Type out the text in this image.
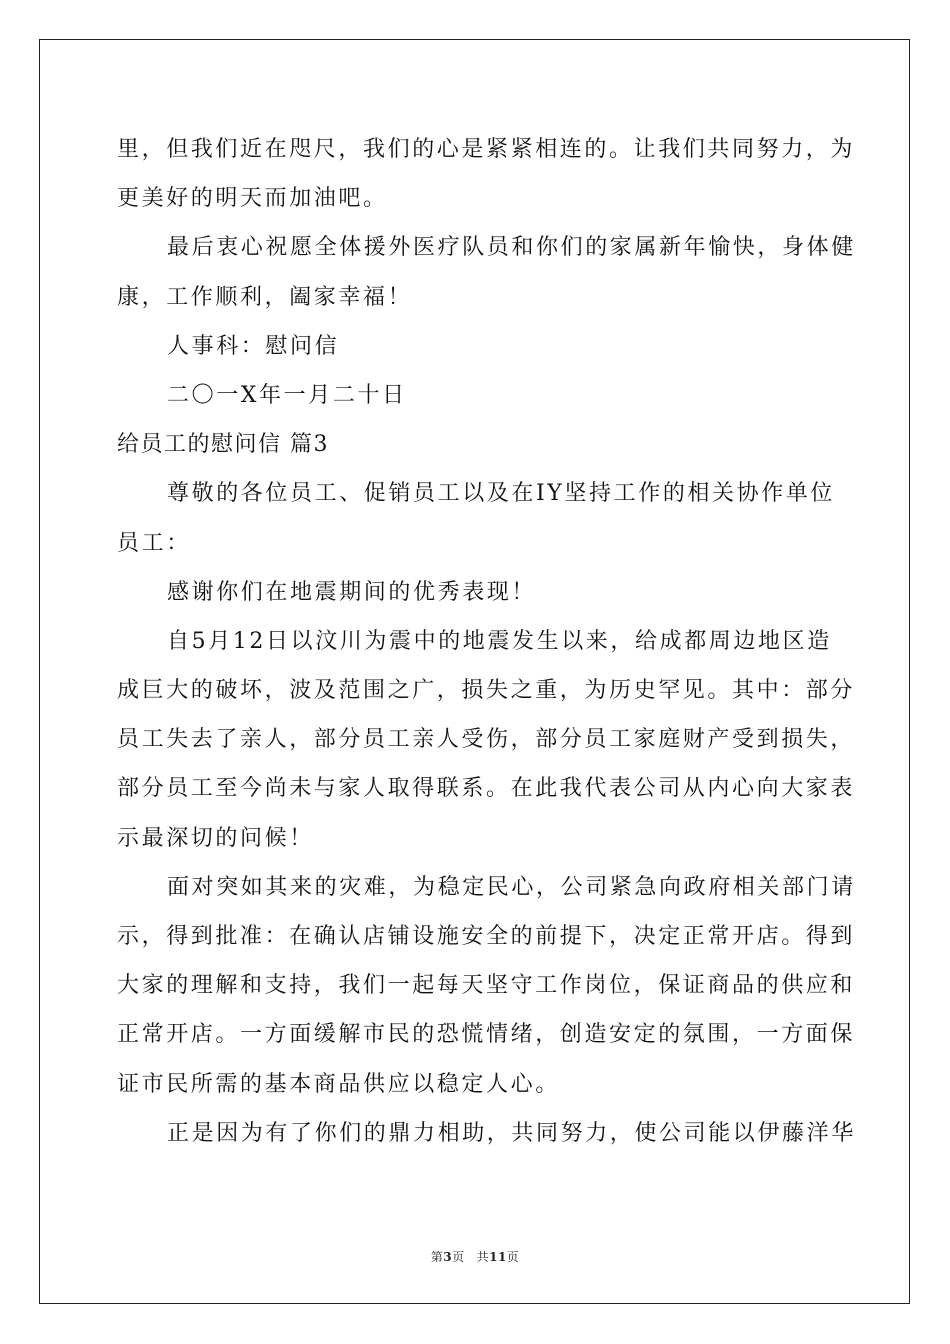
里，但我们近在咫尺，我们的心是紧紧相连的。让我们共同努力，为
更美好的明天而加油吧。
最后衷心祝愿全体援外医疗队员和你们的家属新年愉快，身体健
康，工作顺利，阖家幸福！
人事科：慰问信
二〇一X年一月二十日
给员工的慰问信 篇3
尊敬的各位员工、促销员工以及在IY坚持工作的相关协作单位
员工：
感谢你们在地震期间的优秀表现！
自5月12日以汶川为震中的地震发生以来，给成都周边地区造
成巨大的破坏，波及范围之广，损失之重，为历史罕见。其中：部分
员工失去了亲人，部分员工亲人受伤，部分员工家庭财产受到损失，
部分员工至今尚未与家人取得联系。在此我代表公司从内心向大家表
示最深切的问候！
面对突如其来的灾难，为稳定民心，公司紧急向政府相关部门请
示，得到批准：在确认店铺设施安全的前提下，决定正常开店。得到
大家的理解和支持，我们一起每天坚守工作岗位，保证商品的供应和
正常开店。一方面缓解市民的恐慌情绪，创造安定的氛围，一方面保
证市民所需的基本商品供应以稳定人心。
正是因为有了你们的鼎力相助，共同努力，使公司能以伊藤洋华
第3页 共11页
